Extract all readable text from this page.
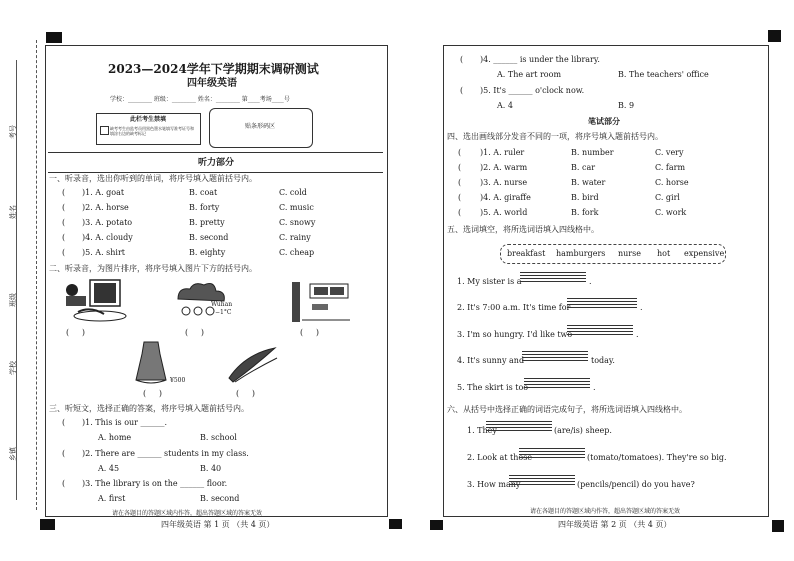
考号
姓名
班级
学校
乡镇
2023—2024学年下学期期末调研测试
四年级英语
学校：________ 班级：________ 姓名：________ 第____考场____号
此栏考生禁填
缺考考生由监考员用黑色墨水笔填写准考证号和
填涂右边的缺考标记
贴条形码区
听力部分
一、听录音，选出你听到的单词，将序号填入题前括号内。
( )1. A. goat	B. coat	C. cold
( )2. A. horse	B. forty	C. music
( )3. A. potato	B. pretty	C. snowy
( )4. A. cloudy	B. second	C. rainy
( )5. A. shirt	B. eighty	C. cheap
二、听录音，为图片排序，将序号填入图片下方的括号内。
(     )
Wuhan
−1°C
(     )	(     )
¥500
(     )	(     )
三、听短文，选择正确的答案，将序号填入题前括号内。
( )1. This is our ______.
A. home	B. school
( )2. There are ______ students in my class.
A. 45	B. 40
( )3. The library is on the ______ floor.
A. first	B. second
请在各题目的答题区域内作答，超出答题区域的答案无效
四年级英语 第 1 页 （共 4 页）
( )4. ______ is under the library.
A. The art room	B. The teachers' office
( )5. It's ______ o'clock now.
A. 4	B. 9
笔试部分
四、选出画线部分发音不同的一项，将序号填入题前括号内。
( )1. A. ruler	B. number	C. very
( )2. A. warm	B. car	C. farm
( )3. A. nurse	B. water	C. horse
( )4. A. giraffe	B. bird	C. girl
( )5. A. world	B. fork	C. work
五、选词填空，将所选词语填入四线格中。
breakfast hamburgers nurse hot expensive
1. My sister is a	.
2. It's 7:00 a.m. It's time for	.
3. I'm so hungry. I'd like two	.
4. It's sunny and	today.
5. The skirt is too	.
六、从括号中选择正确的词语完成句子，将所选词语填入四线格中。
1. They	(are/is) sheep.
2. Look at those	(tomato/tomatoes). They're so big.
3. How many	(pencils/pencil) do you have?
请在各题目的答题区域内作答，超出答题区域的答案无效
四年级英语 第 2 页 （共 4 页）
